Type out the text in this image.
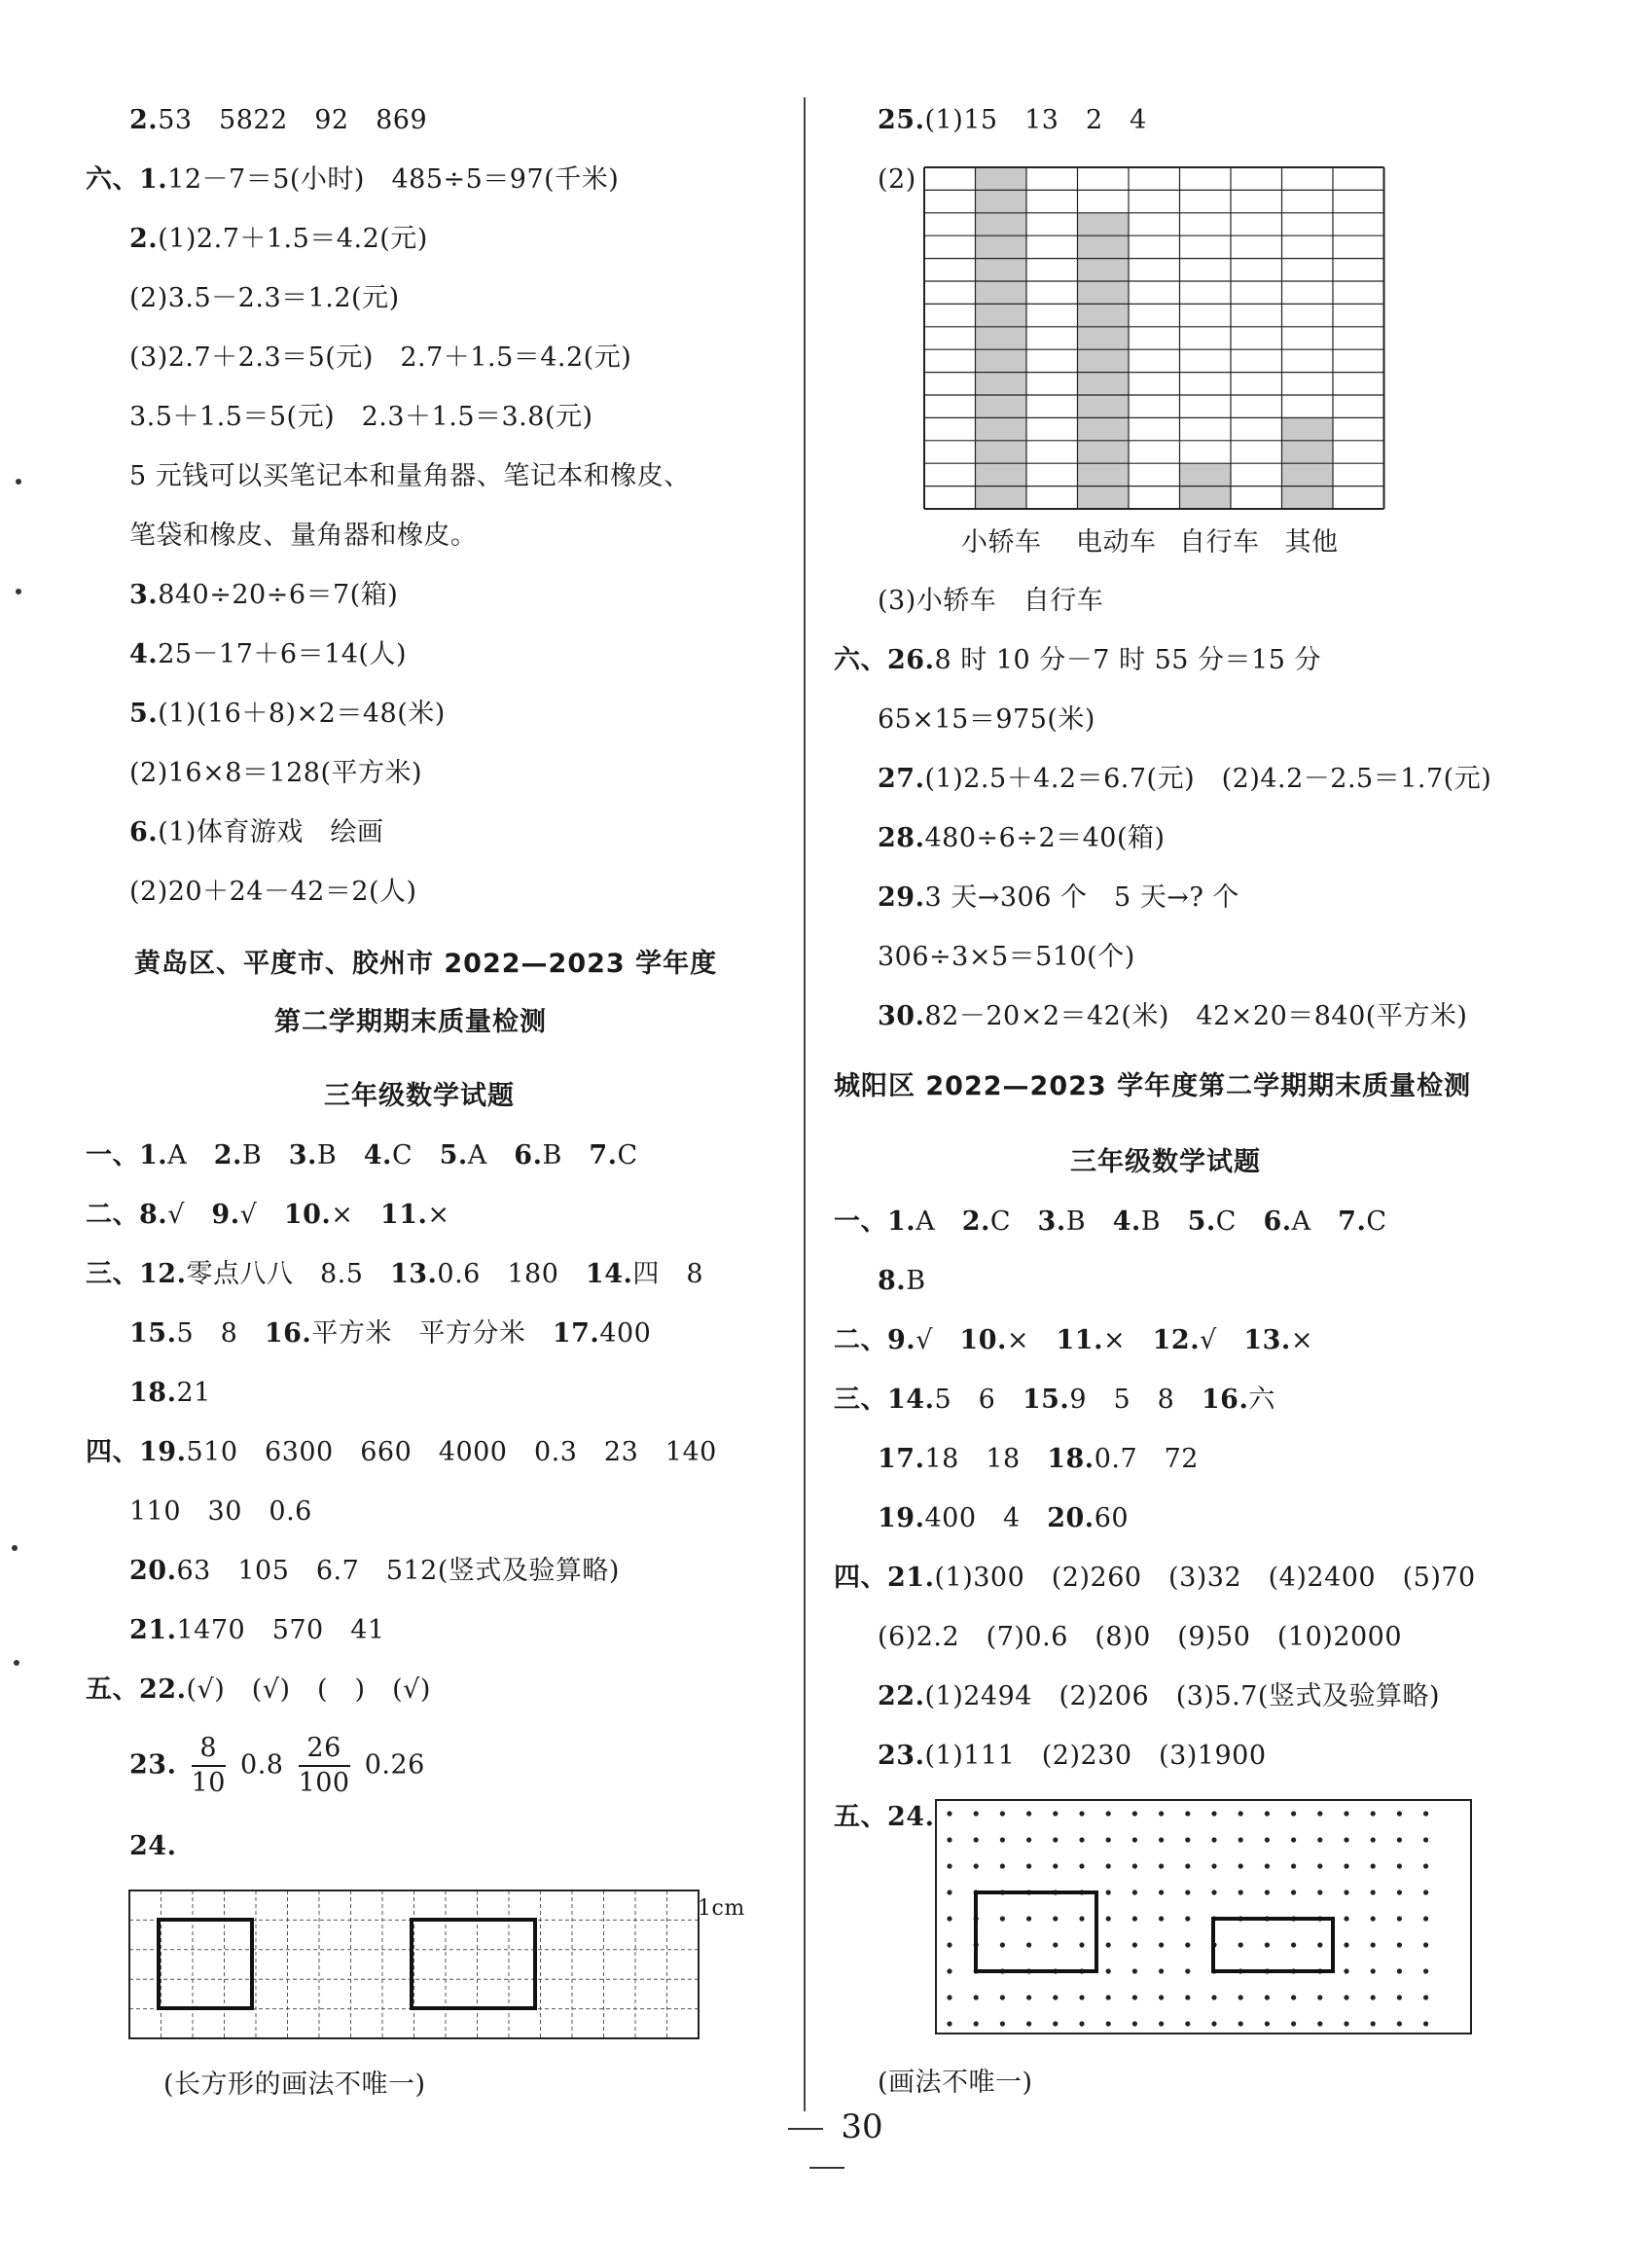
2.53　5822　92　869
六、1.12－7＝5(小时)　485÷5＝97(千米)
2.(1)2.7＋1.5＝4.2(元)
(2)3.5－2.3＝1.2(元)
(3)2.7＋2.3＝5(元)　2.7＋1.5＝4.2(元)
3.5＋1.5＝5(元)　2.3＋1.5＝3.8(元)
5 元钱可以买笔记本和量角器、笔记本和橡皮、
笔袋和橡皮、量角器和橡皮。
3.840÷20÷6＝7(箱)
4.25－17＋6＝14(人)
5.(1)(16＋8)×2＝48(米)
(2)16×8＝128(平方米)
6.(1)体育游戏　绘画
(2)20＋24－42＝2(人)
黄岛区、平度市、胶州市 2022—2023 学年度
第二学期期末质量检测
三年级数学试题
一、1.A　 2.B　 3.B　 4.C　 5.A　 6.B　 7.C
二、8.√　 9.√　 10.×　 11.×
三、12.零点八八　8.5　 13.0.6　180　 14.四　8
15.5　8　 16.平方米　平方分米　 17.400
18.21
四、19.510　6300　660　4000　0.3　23　140
110　30　0.6
20.63　105　6.7　512(竖式及验算略)
21.1470　570　41
五、22.(√)　(√)　(　)　(√)
23. $\frac{8}{10} 0.8 \frac{26}{100} 0.26$
24.
1cm
(长方形的画法不唯一)
25.(1)15　13　2　4
(2)
小轿车 电动车 自行车 其他
(3)小轿车　自行车
六、26.8 时 10 分－7 时 55 分＝15 分
65×15＝975(米)
27.(1)2.5＋4.2＝6.7(元)　(2)4.2－2.5＝1.7(元)
28.480÷6÷2＝40(箱)
29.3 天→306 个　5 天→? 个
306÷3×5＝510(个)
30.82－20×2＝42(米)　42×20＝840(平方米)
城阳区 2022—2023 学年度第二学期期末质量检测
三年级数学试题
一、1.A　 2.C　 3.B　 4.B　 5.C　 6.A　 7.C
8.B
二、9.√　 10.×　 11.×　 12.√　 13.×
三、14.5　6　 15.9　5　8　 16.六
17.18　18　 18.0.7　72
19.400　4　 20.60
四、21.(1)300　(2)260　(3)32　(4)2400　(5)70
(6)2.2　(7)0.6　(8)0　(9)50　(10)2000
22.(1)2494　(2)206　(3)5.7(竖式及验算略)
23.(1)111　(2)230　(3)1900
五、24.
(画法不唯一)
30
